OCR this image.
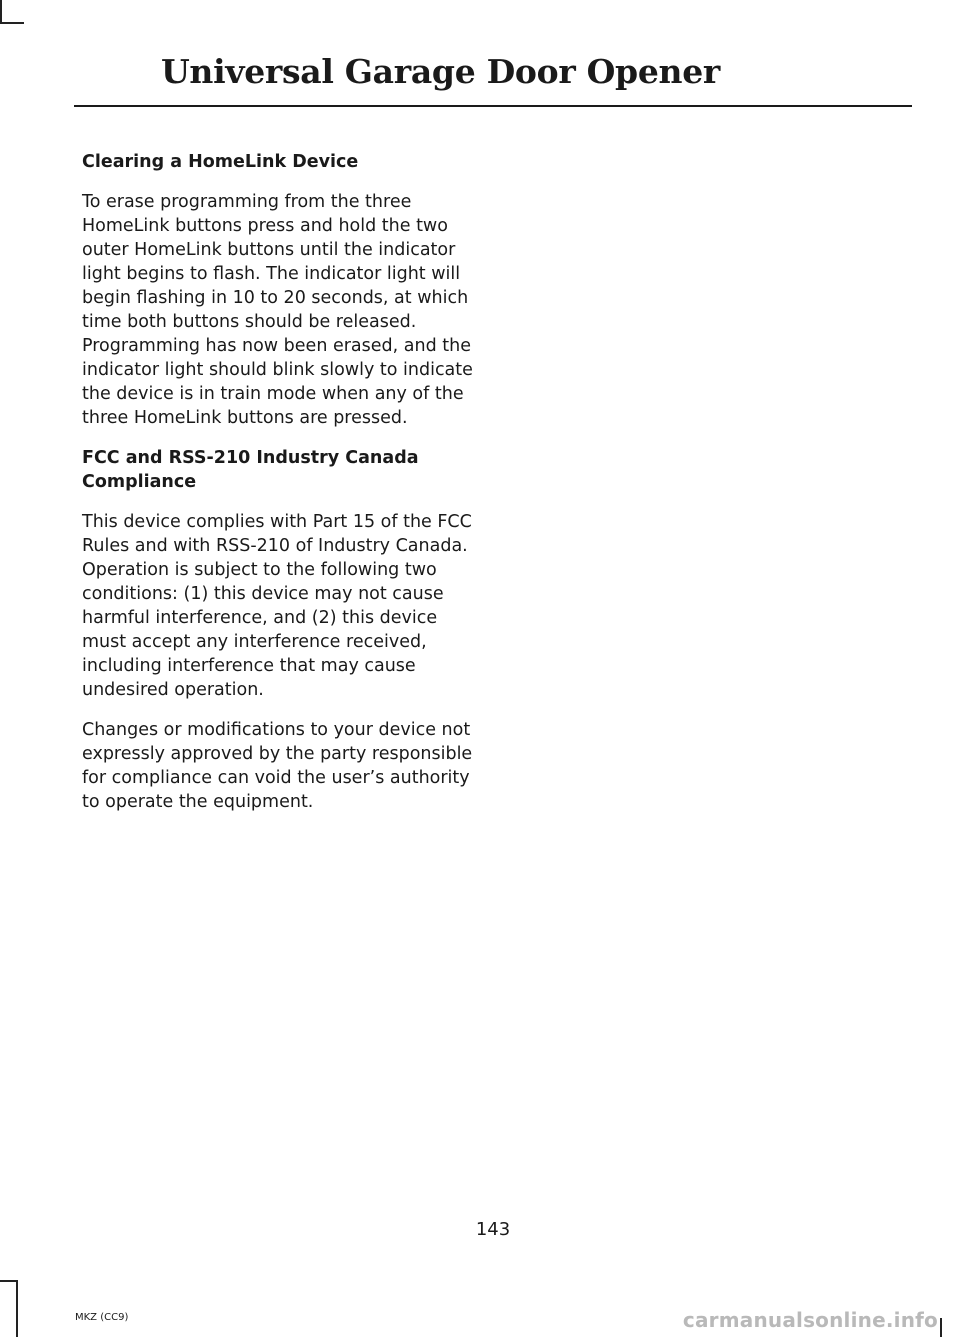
Universal Garage Door Opener
Clearing a HomeLink Device

To erase programming from the three HomeLink buttons press and hold the two outer HomeLink buttons until the indicator light begins to flash. The indicator light will begin flashing in 10 to 20 seconds, at which time both buttons should be released. Programming has now been erased, and the indicator light should blink slowly to indicate the device is in train mode when any of the three HomeLink buttons are pressed.

FCC and RSS-210 Industry Canada Compliance

This device complies with Part 15 of the FCC Rules and with RSS-210 of Industry Canada. Operation is subject to the following two conditions: (1) this device may not cause harmful interference, and (2) this device must accept any interference received, including interference that may cause undesired operation.

Changes or modifications to your device not expressly approved by the party responsible for compliance can void the user’s authority to operate the equipment.

143
MKZ (CC9)	carmanualsonline.info
